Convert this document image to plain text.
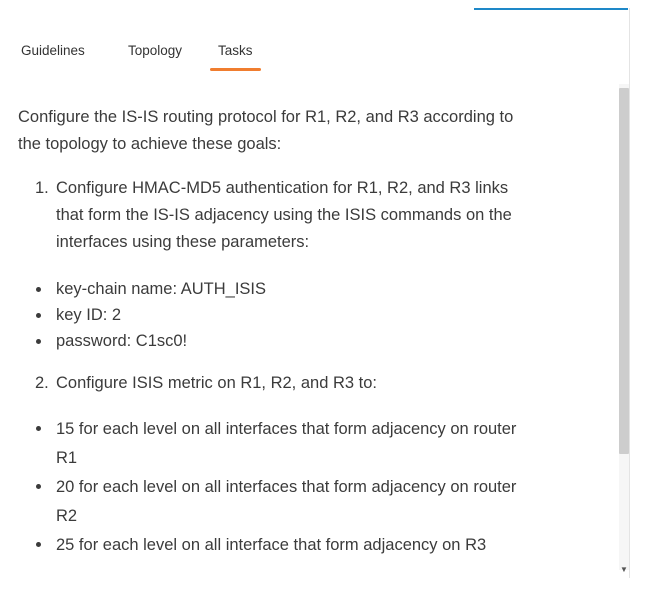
Guidelines	Topology	Tasks

Configure the IS-IS routing protocol for R1, R2, and R3 according to
the topology to achieve these goals:

1. Configure HMAC-MD5 authentication for R1, R2, and R3 links
that form the IS-IS adjacency using the ISIS commands on the
interfaces using these parameters:
key-chain name: AUTH_ISIS
key ID: 2
password: C1sc0!
2. Configure ISIS metric on R1, R2, and R3 to:
15 for each level on all interfaces that form adjacency on router
R1
20 for each level on all interfaces that form adjacency on router
R2
25 for each level on all interface that form adjacency on R3
▼
